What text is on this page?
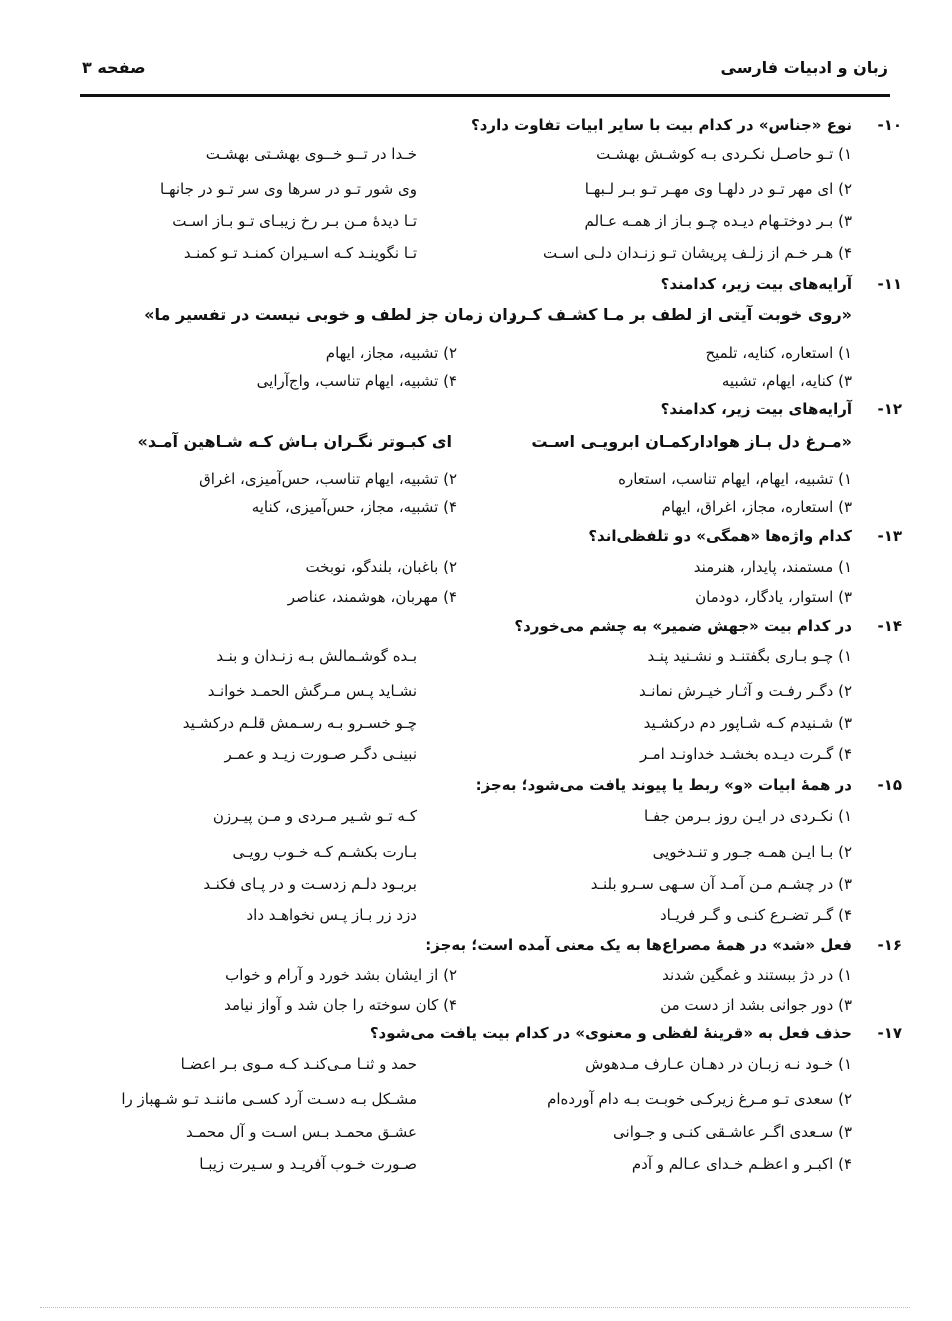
زبان و ادبیات فارسی
صفحه ۳
۱۰-
نوع «جناس» در کدام بیت با سایر ابیات تفاوت دارد؟
۱) تـو حاصـل نکـردی بـه کوشـش بهشـت
خـدا در تــو خــوی بهشـتی بهشـت
۲) ای مهر تـو در دلهـا وی مهـر تـو بـر لـبهـا
وی شور تـو در سرها وی سر تـو در جانهـا
۳) بـر دوختـهام دیـده چـو بـاز از همـه عـالم
تـا دیدهٔ مـن بـر رخ زیبـای تـو بـاز اسـت
۴) هـر خـم از زلـف پریشان تـو زنـدان دلـی اسـت
تـا نگوینـد کـه اسـیران کمنـد تـو کمنـد
۱۱-
آرایه‌های بیت زیر، کدامند؟
«روی خوبت آیتی از لطف بر مـا کشـف کـرد
زان زمان جز لطف و خوبی نیست در تفسیر ما»
۱) استعاره، کنایه، تلمیح
۲) تشبیه، مجاز، ایهام
۳) کنایه، ایهام، تشبیه
۴) تشبیه، ایهام تناسب، واج‌آرایی
۱۲-
آرایه‌های بیت زیر، کدامند؟
«مـرغ دل بـاز هوادارکمـان ابرویـی اسـت
ای کبـوتر نگـران بـاش کـه شـاهین آمـد»
۱) تشبیه، ایهام، ایهام تناسب، استعاره
۲) تشبیه، ایهام تناسب، حس‌آمیزی، اغراق
۳) استعاره، مجاز، اغراق، ایهام
۴) تشبیه، مجاز، حس‌آمیزی، کنایه
۱۳-
کدام واژه‌ها «همگی» دو تلفظی‌اند؟
۱) مستمند، پایدار، هنرمند
۲) باغبان، بلندگو، نوبخت
۳) استوار، یادگار، دودمان
۴) مهربان، هوشمند، عناصر
۱۴-
در کدام بیت «جهش ضمیر» به چشم می‌خورد؟
۱) چـو بـاری بگفتنـد و نشـنید پنـد
بـده گوشـمالش بـه زنـدان و بنـد
۲) دگـر رفـت و آثـار خیـرش نمانـد
نشـاید پـس مـرگش الحمـد خوانـد
۳) شـنیدم کـه شـاپور دم درکشـید
چـو خسـرو بـه رسـمش قلـم درکشـید
۴) گـرت دیـده بخشـد خداونـد امـر
نبینـی دگـر صـورت زیـد و عمـر
۱۵-
در همهٔ ابیات «و» ربط یا پیوند یافت می‌شود؛ به‌جز:
۱) نکـردی در ایـن روز بـرمن جفـا
کـه تـو شـیر مـردی و مـن پیـرزن
۲) بـا ایـن همـه جـور و تنـدخویی
بـارت بکشـم کـه خـوب رویـی
۳) در چشـم مـن آمـد آن سـهی سـرو بلنـد
بربـود دلـم زدسـت و در پـای فکنـد
۴) گـر تضـرع کنـی و گـر فریـاد
دزد زر بـاز پـس نخواهـد داد
۱۶-
فعل «شد» در همهٔ مصراع‌ها به یک معنی آمده است؛ به‌جز:
۱) در دژ ببستند و غمگین شدند
۲) از ایشان بشد خورد و آرام و خواب
۳) دور جوانی بشد از دست من
۴) کان سوخته را جان شد و آواز نیامد
۱۷-
حذف فعل به «قرینهٔ لفظی و معنوی» در کدام بیت یافت می‌شود؟
۱) خـود نـه زبـان در دهـان عـارف مـدهوش
حمد و ثنـا مـی‌کنـد کـه مـوی بـر اعضـا
۲) سعدی تـو مـرغ زیرکـی خوبـت بـه دام آورده‌ام
مشـکل بـه دسـت آرد کسـی ماننـد تـو شـهباز را
۳) سـعدی اگـر عاشـقی کنـی و جـوانی
عشـق محمـد بـس اسـت و آل محمـد
۴) اکبـر و اعظـم خـدای عـالم و آدم
صـورت خـوب آفریـد و سـیرت زیبـا
